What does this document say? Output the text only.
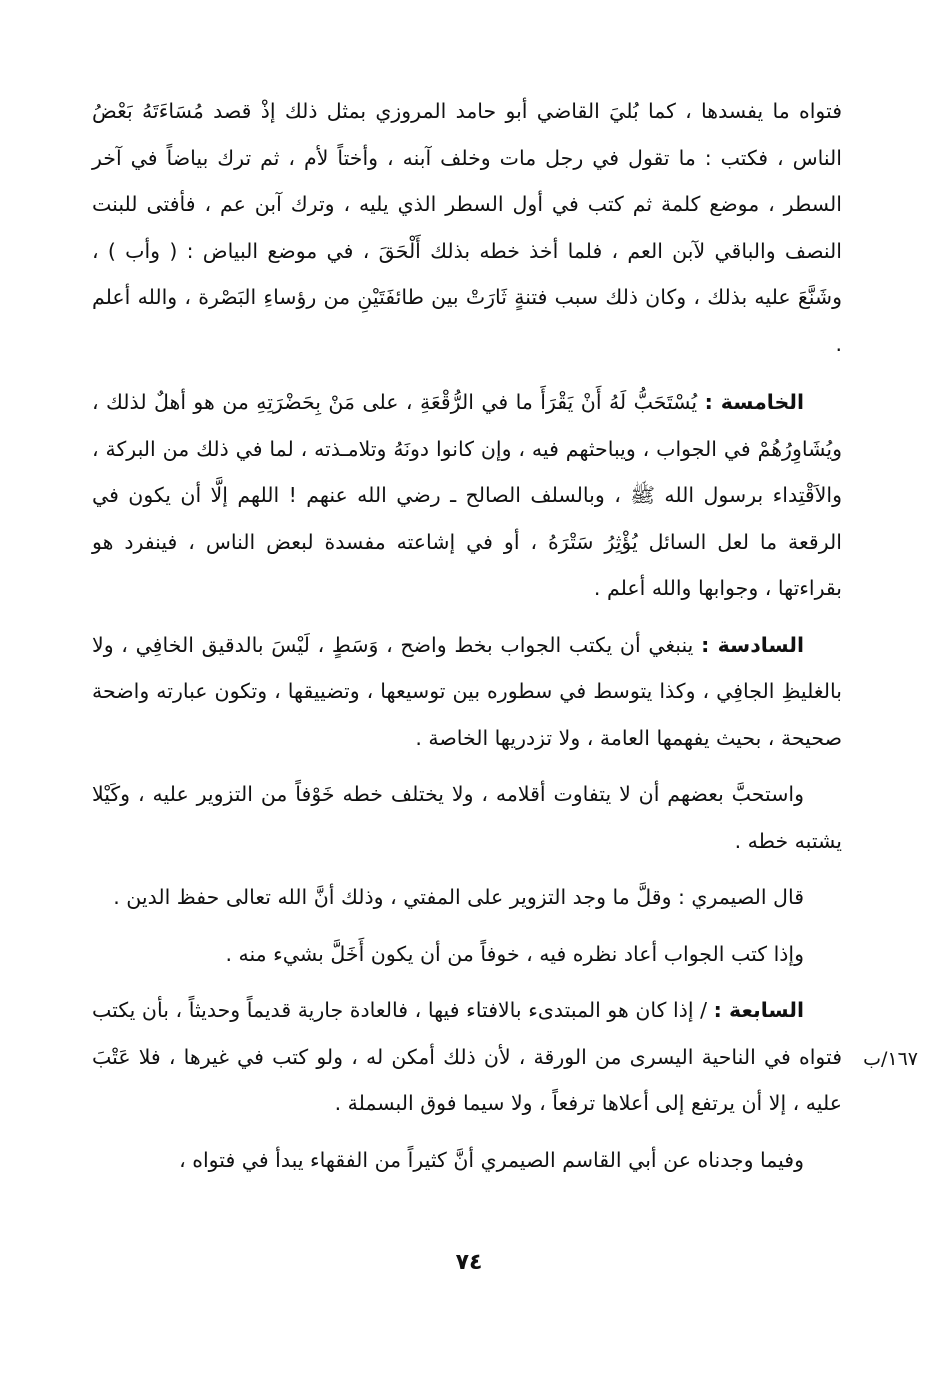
فتواه ما يفسدها ، كما بُليَ القاضي أبو حامد المروزي بمثل ذلك إذْ قصد مُسَاءَتَهُ بَعْضُ الناس ، فكتب : ما تقول في رجل مات وخلف آبنه ، وأختاً لأم ، ثم ترك بياضاً في آخر السطر ، موضع كلمة ثم كتب في أول السطر الذي يليه ، وترك آبن عم ، فأفتى للبنت النصف والباقي لآبن العم ، فلما أخذ خطه بذلك أَلْحَقَ ، في موضع البياض : ( وأب ) ، وشَنَّعَ عليه بذلك ، وكان ذلك سبب فتنةٍ ثَارَتْ بين طائفَتَيْنِ من رؤساءِ البَصْرة ، والله أعلم .

الخامسة : يُسْتَحَبُّ لَهُ أَنْ يَقْرَأَ ما في الرُّقْعَةِ ، على مَنْ بِحَضْرَتِهِ من هو أهلٌ لذلك ، ويُشَاوِرُهُمْ في الجواب ، ويباحثهم فيه ، وإن كانوا دونَهُ وتلامـذته ، لما في ذلك من البركة ، والاَقْتِداء برسول الله ﷺ ، وبالسلف الصالح ـ رضي الله عنهم ! اللهم إلَّا أن يكون في الرقعة ما لعل السائل يُؤْثِرُ سَتْرَهُ ، أو في إشاعته مفسدة لبعض الناس ، فينفرد هو بقراءتها ، وجوابها والله أعلم .

السادسة : ينبغي أن يكتب الجواب بخط واضح ، وَسَطٍ ، لَيْسَ بالدقيق الخافِي ، ولا بالغليظِ الجافِي ، وكذا يتوسط في سطوره بين توسيعها ، وتضييقها ، وتكون عبارته واضحة صحيحة ، بحيث يفهمها العامة ، ولا تزدريها الخاصة .

واستحبَّ بعضهم أن لا يتفاوت أقلامه ، ولا يختلف خطه خَوْفاً من التزوير عليه ، وكَيْلا يشتبه خطه .

قال الصيمري : وقلَّ ما وجد التزوير على المفتي ، وذلك أنَّ الله تعالى حفظ الدين .

وإذا كتب الجواب أعاد نظره فيه ، خوفاً من أن يكون أَخَلَّ بشيء منه .

السابعة : / إذا كان هو المبتدىء بالافتاء فيها ، فالعادة جارية قديماً وحديثاً ، بأن يكتب فتواه في الناحية اليسرى من الورقة ، لأن ذلك أمكن له ، ولو كتب في غيرها ، فلا عَتْبَ عليه ، إلا أن يرتفع إلى أعلاها ترفعاً ، ولا سيما فوق البسملة .

وفيما وجدناه عن أبي القاسم الصيمري أنَّ كثيراً من الفقهاء يبدأ في فتواه ،

١٦٧/ب
٧٤
